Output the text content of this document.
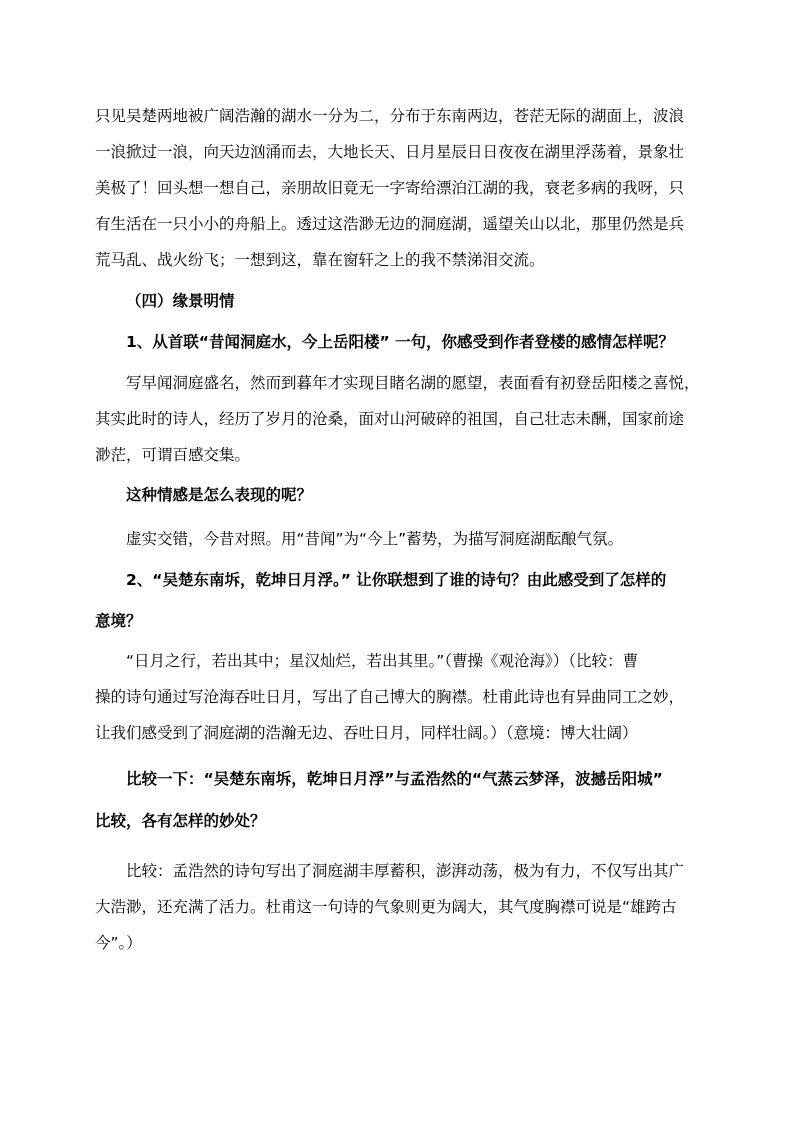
只见吴楚两地被广阔浩瀚的湖水一分为二，分布于东南两边，苍茫无际的湖面上，波浪
一浪掀过一浪，向天边汹涌而去，大地长天、日月星辰日日夜夜在湖里浮荡着，景象壮
美极了！回头想一想自己，亲朋故旧竟无一字寄给漂泊江湖的我，衰老多病的我呀，只
有生活在一只小小的舟船上。透过这浩渺无边的洞庭湖，遥望关山以北，那里仍然是兵
荒马乱、战火纷飞；一想到这，靠在窗轩之上的我不禁涕泪交流。
（四）缘景明情
1、从首联“昔闻洞庭水，今上岳阳楼” 一句，你感受到作者登楼的感情怎样呢？
写早闻洞庭盛名，然而到暮年才实现目睹名湖的愿望，表面看有初登岳阳楼之喜悦，
其实此时的诗人，经历了岁月的沧桑，面对山河破碎的祖国，自己壮志未酬，国家前途
渺茫，可谓百感交集。
这种情感是怎么表现的呢？
虚实交错，今昔对照。用“昔闻”为“今上”蓄势，为描写洞庭湖酝酿气氛。
2、“吴楚东南坼，乾坤日月浮。” 让你联想到了谁的诗句？由此感受到了怎样的
意境？
“日月之行，若出其中；星汉灿烂，若出其里。”（曹操《观沧海》）（比较：曹
操的诗句通过写沧海吞吐日月，写出了自己博大的胸襟。杜甫此诗也有异曲同工之妙，
让我们感受到了洞庭湖的浩瀚无边、吞吐日月，同样壮阔。）（意境：博大壮阔）
比较一下：“吴楚东南坼，乾坤日月浮”与孟浩然的“气蒸云梦泽，波撼岳阳城”
比较，各有怎样的妙处？
比较：孟浩然的诗句写出了洞庭湖丰厚蓄积，澎湃动荡，极为有力，不仅写出其广
大浩渺，还充满了活力。杜甫这一句诗的气象则更为阔大，其气度胸襟可说是“雄跨古
今”。）
